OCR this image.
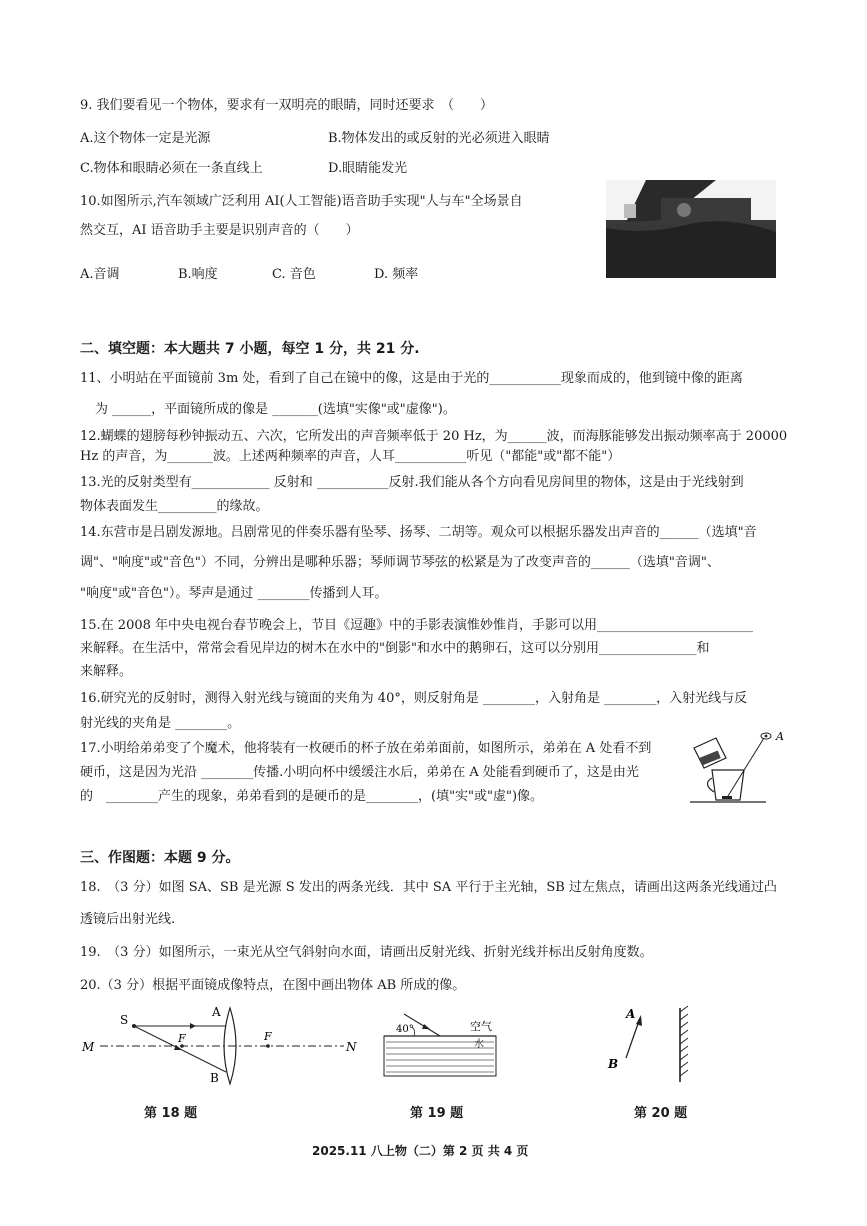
9. 我们要看见一个物体，要求有一双明亮的眼睛，同时还要求　（　　）
A.这个物体一定是光源	B.物体发出的或反射的光必须进入眼睛
C.物体和眼睛必须在一条直线上	D.眼睛能发光
10.如图所示,汽车领域广泛利用 AI(人工智能)语音助手实现"人与车"全场景自
然交互，AI 语音助手主要是识别声音的（　　）
A.音调	B.响度	C. 音色	D. 频率
二、填空题：本大题共 7 小题，每空 1 分，共 21 分.
11、小明站在平面镜前 3m 处，看到了自己在镜中的像，这是由于光的___________现象而成的，他到镜中像的距离
为 ______，平面镜所成的像是 _______(选填"实像"或"虚像")。
12.蝴蝶的翅膀每秒钟振动五、六次，它所发出的声音频率低于 20 Hz，为______波，而海豚能够发出振动频率高于 20000
Hz 的声音，为_______波。上述两种频率的声音，人耳___________听见（"都能"或"都不能"）
13.光的反射类型有____________ 反射和 ___________反射.我们能从各个方向看见房间里的物体，这是由于光线射到
物体表面发生_________的缘故。
14.东营市是吕剧发源地。吕剧常见的伴奏乐器有坠琴、扬琴、二胡等。观众可以根据乐器发出声音的______（选填"音
调"、"响度"或"音色"）不同，分辨出是哪种乐器；琴师调节琴弦的松紧是为了改变声音的______（选填"音调"、
"响度"或"音色"）。琴声是通过 ________传播到人耳。
15.在 2008 年中央电视台春节晚会上，节目《逗趣》中的手影表演惟妙惟肖，手影可以用________________________
来解释。在生活中，常常会看见岸边的树木在水中的"倒影"和水中的鹅卵石，这可以分别用_______________和
来解释。
16.研究光的反射时，测得入射光线与镜面的夹角为 40°，则反射角是 ________，入射角是 ________，入射光线与反
射光线的夹角是 ________。
17.小明给弟弟变了个魔术，他将装有一枚硬币的杯子放在弟弟面前，如图所示，弟弟在 A 处看不到
硬币，这是因为光沿 ________传播.小明向杯中缓缓注水后，弟弟在 A 处能看到硬币了，这是由光
的　________产生的现象，弟弟看到的是硬币的是________，(填"实"或"虚")像。
A
三、作图题：本题 9 分。
18.　（3 分）如图 SA、SB 是光源 S 发出的两条光线．其中 SA 平行于主光轴，SB 过左焦点，请画出这两条光线通过凸
透镜后出射光线.
19.　（3 分）如图所示，一束光从空气斜射向水面，请画出反射光线、折射光线并标出反射角度数。
20.（3 分）根据平面镜成像特点，在图中画出物体 AB 所成的像。
M	N
S
A
B
F	F
第 18 题
40°	空气
水
第 19 题
A
B
第 20 题
2025.11 八上物（二）第 2 页 共 4 页
